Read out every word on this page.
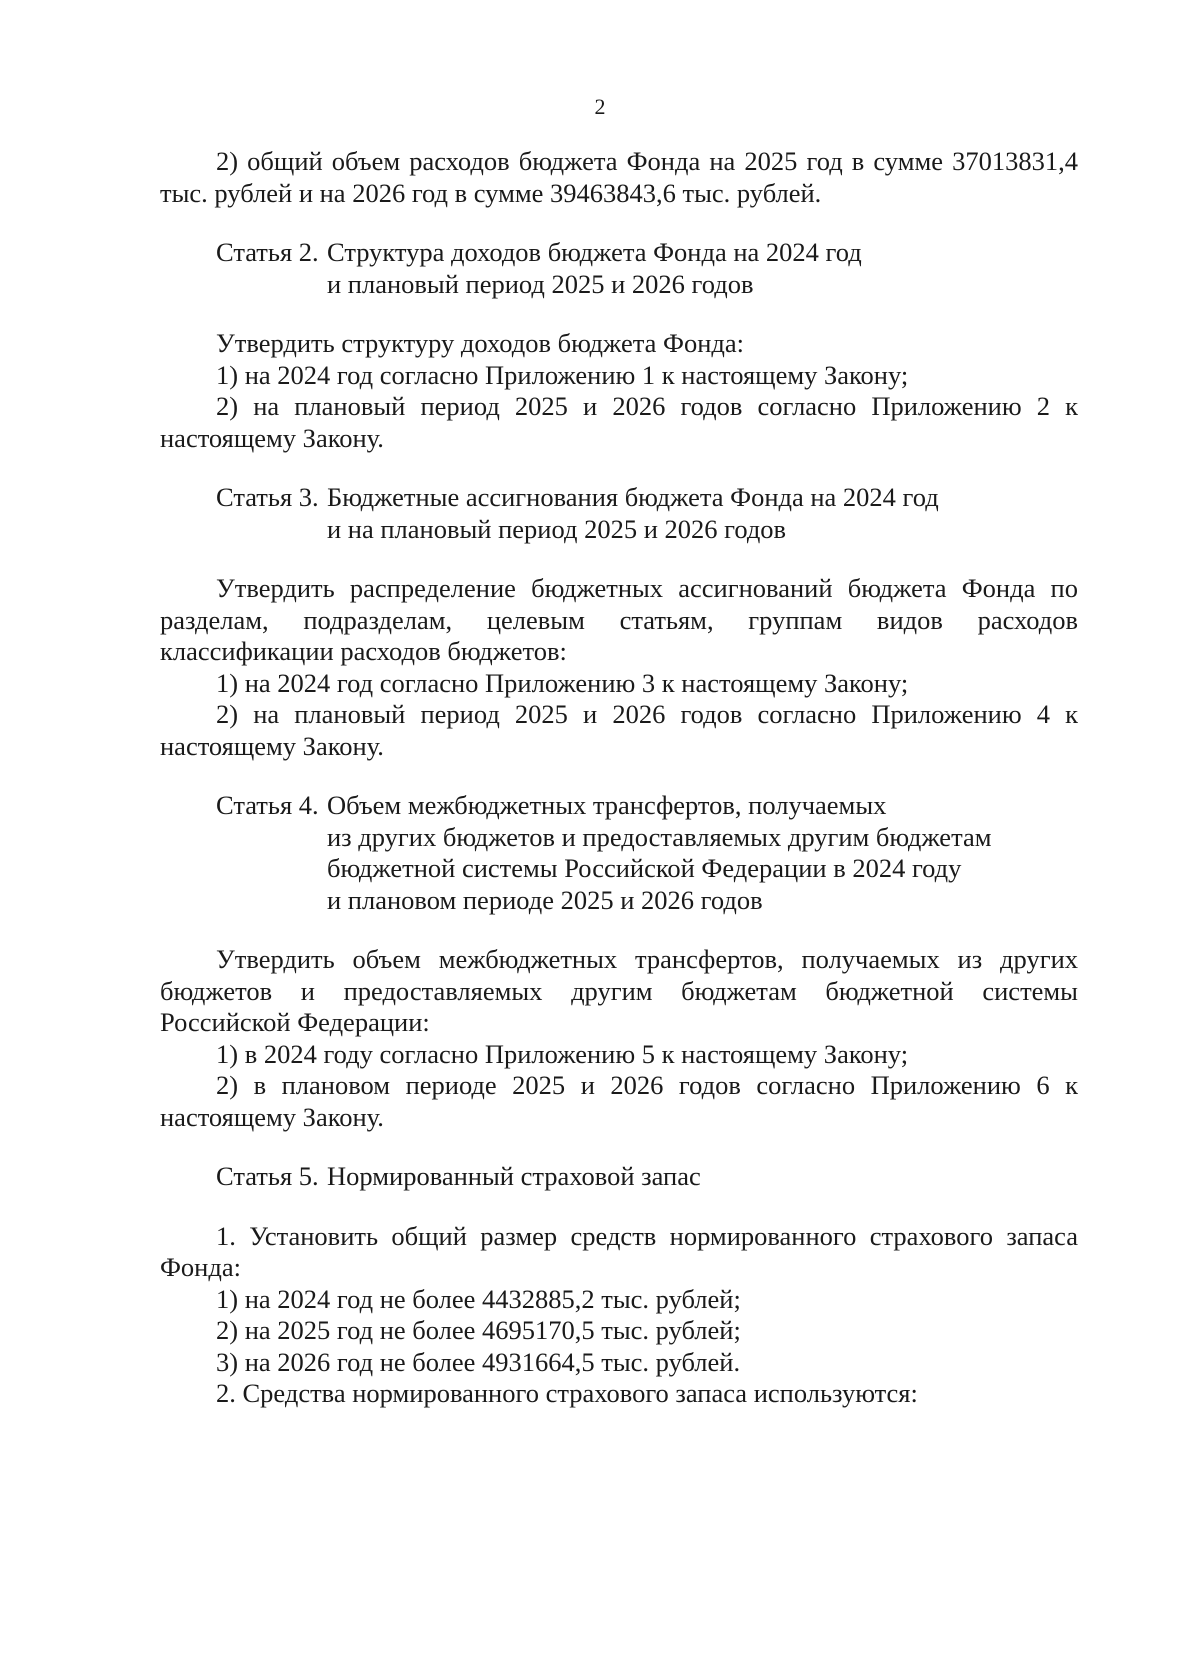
2

2) общий объем расходов бюджета Фонда на 2025 год в сумме 37013831,4 тыс. рублей и на 2026 год в сумме 39463843,6 тыс. рублей.

Статья 2. Структура доходов бюджета Фонда на 2024 год
и плановый период 2025 и 2026 годов

Утвердить структуру доходов бюджета Фонда:

1) на 2024 год согласно Приложению 1 к настоящему Закону;

2) на плановый период 2025 и 2026 годов согласно Приложению 2 к настоящему Закону.

Статья 3. Бюджетные ассигнования бюджета Фонда на 2024 год
и на плановый период 2025 и 2026 годов

Утвердить распределение бюджетных ассигнований бюджета Фонда по разделам, подразделам, целевым статьям, группам видов расходов классификации расходов бюджетов:

1) на 2024 год согласно Приложению 3 к настоящему Закону;

2) на плановый период 2025 и 2026 годов согласно Приложению 4 к настоящему Закону.

Статья 4. Объем межбюджетных трансфертов, получаемых
из других бюджетов и предоставляемых другим бюджетам
бюджетной системы Российской Федерации в 2024 году
и плановом периоде 2025 и 2026 годов

Утвердить объем межбюджетных трансфертов, получаемых из других бюджетов и предоставляемых другим бюджетам бюджетной системы Российской Федерации:

1) в 2024 году согласно Приложению 5 к настоящему Закону;

2) в плановом периоде 2025 и 2026 годов согласно Приложению 6 к настоящему Закону.

Статья 5. Нормированный страховой запас

1. Установить общий размер средств нормированного страхового запаса Фонда:

1) на 2024 год не более 4432885,2 тыс. рублей;

2) на 2025 год не более 4695170,5 тыс. рублей;

3) на 2026 год не более 4931664,5 тыс. рублей.

2. Средства нормированного страхового запаса используются:
